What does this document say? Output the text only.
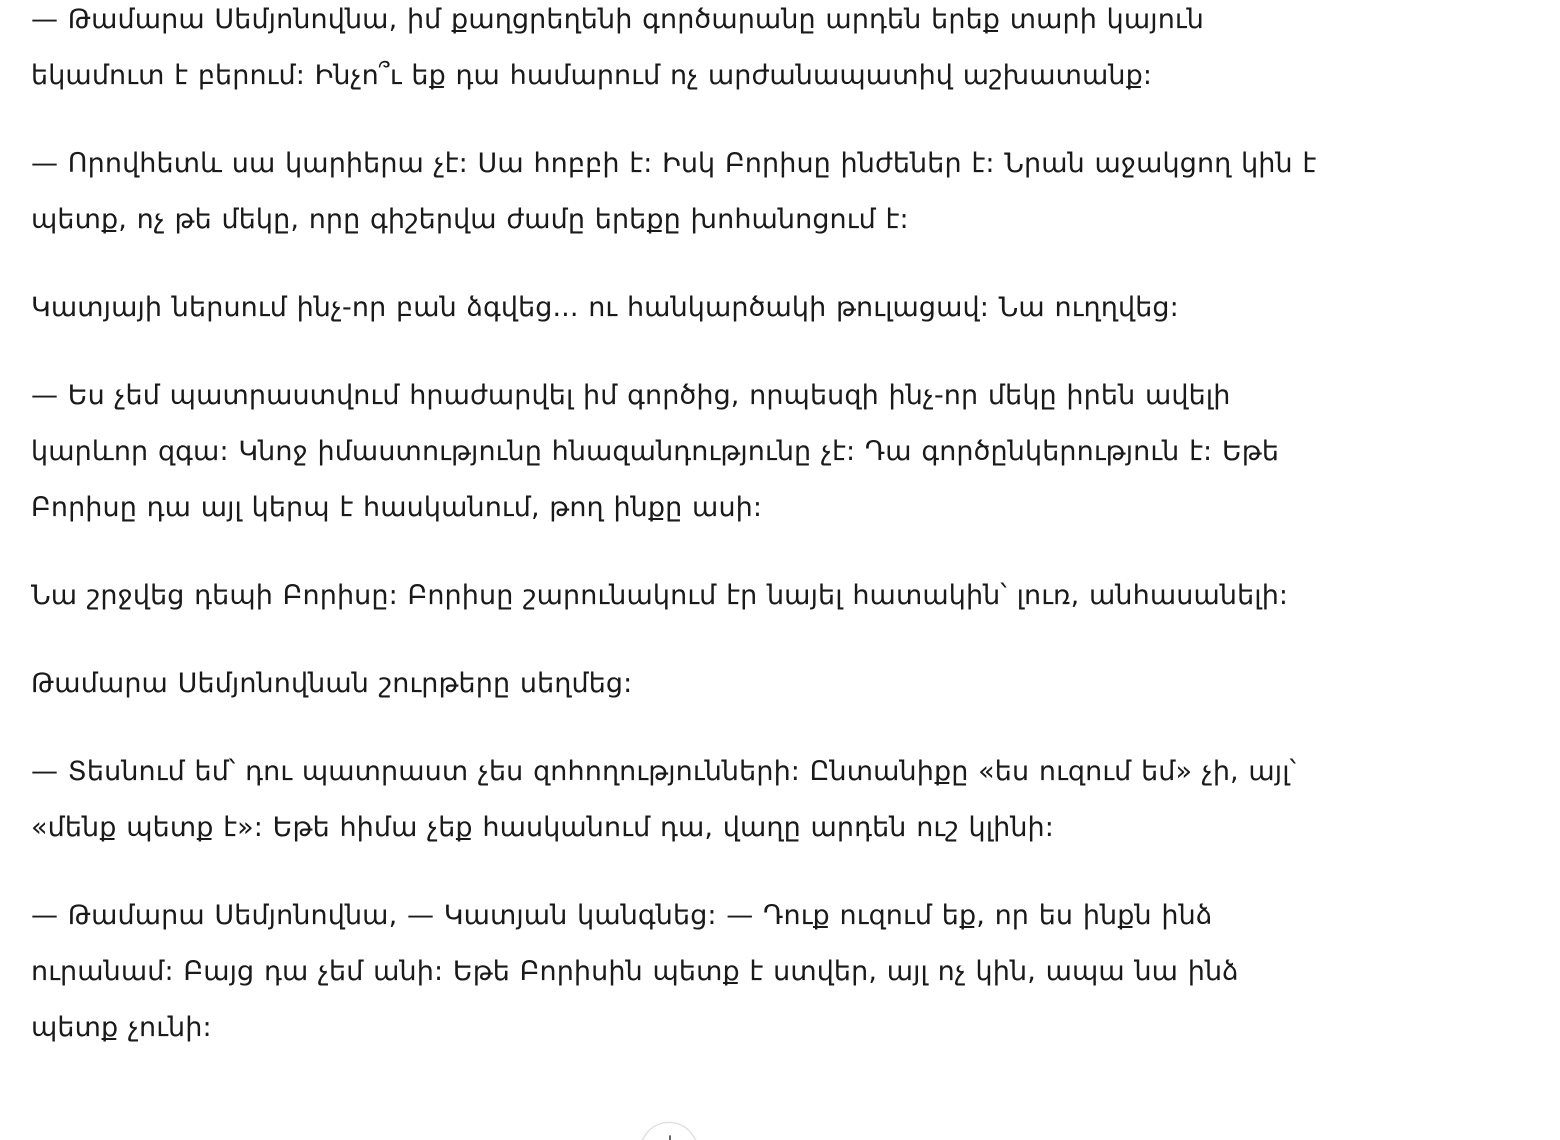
— Թամարա Սեմյոնովնա, իմ քաղցրեղենի գործարանը արդեն երեք տարի կայուն եկամուտ է բերում: Ինչո՞ւ եք դա համարում ոչ արժանապատիվ աշխատանք:

— Որովհետև սա կարիերա չէ: Սա հոբբի է: Իսկ Բորիսը ինժեներ է: Նրան աջակցող կին է պետք, ոչ թե մեկը, որը գիշերվա ժամը երեքը խոհանոցում է:

Կատյայի ներսում ինչ-որ բան ձգվեց... ու հանկարծակի թուլացավ: Նա ուղղվեց:

— Ես չեմ պատրաստվում հրաժարվել իմ գործից, որպեսզի ինչ-որ մեկը իրեն ավելի կարևոր զգա: Կնոջ իմաստությունը հնազանդությունը չէ: Դա գործընկերություն է: Եթե Բորիսը դա այլ կերպ է հասկանում, թող ինքը ասի:

Նա շրջվեց դեպի Բորիսը: Բորիսը շարունակում էր նայել հատակին՝ լուռ, անհասանելի:

Թամարա Սեմյոնովնան շուրթերը սեղմեց:

— Տեսնում եմ՝ դու պատրաստ չես զոհողությունների: Ընտանիքը «ես ուզում եմ» չի, այլ՝ «մենք պետք է»: Եթե հիմա չեք հասկանում դա, վաղը արդեն ուշ կլինի:

— Թամարա Սեմյոնովնա, — Կատյան կանգնեց: — Դուք ուզում եք, որ ես ինքն ինձ ուրանամ: Բայց դա չեմ անի: Եթե Բորիսին պետք է ստվեր, այլ ոչ կին, ապա նա ինձ պետք չունի:
